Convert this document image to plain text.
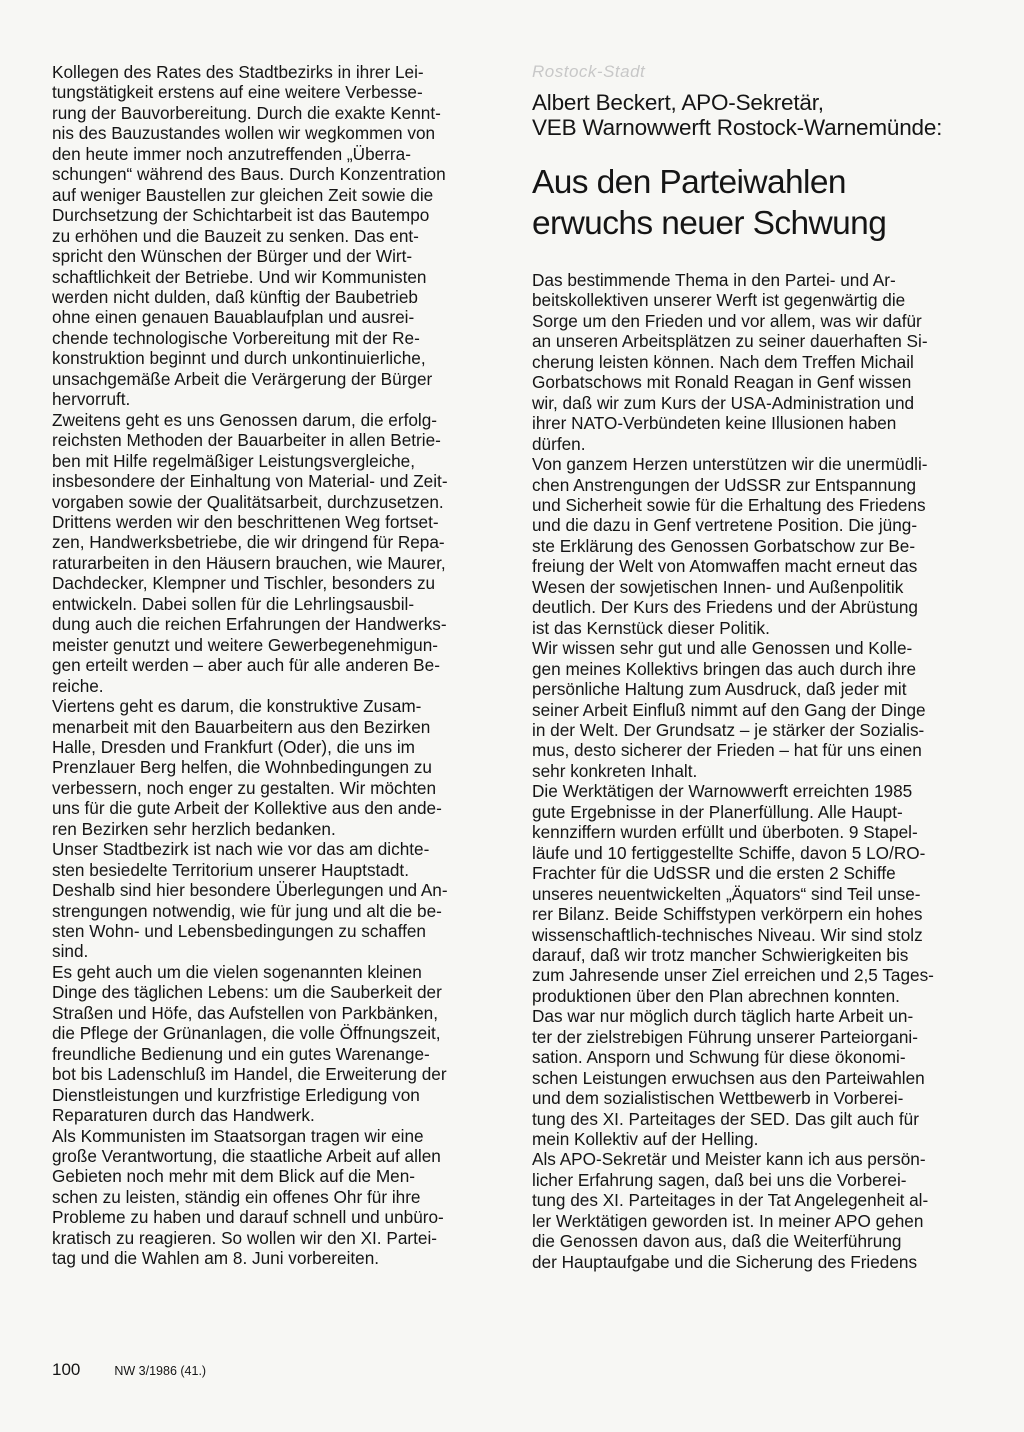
Kollegen des Rates des Stadtbezirks in ihrer Lei-
tungstätigkeit erstens auf eine weitere Verbesse-
rung der Bauvorbereitung. Durch die exakte Kennt-
nis des Bauzustandes wollen wir wegkommen von
den heute immer noch anzutreffenden „Überra-
schungen“ während des Baus. Durch Konzentration
auf weniger Baustellen zur gleichen Zeit sowie die
Durchsetzung der Schichtarbeit ist das Bautempo
zu erhöhen und die Bauzeit zu senken. Das ent-
spricht den Wünschen der Bürger und der Wirt-
schaftlichkeit der Betriebe. Und wir Kommunisten
werden nicht dulden, daß künftig der Baubetrieb
ohne einen genauen Bauablaufplan und ausrei-
chende technologische Vorbereitung mit der Re-
konstruktion beginnt und durch unkontinuierliche,
unsachgemäße Arbeit die Verärgerung der Bürger
hervorruft.

Zweitens geht es uns Genossen darum, die erfolg-
reichsten Methoden der Bauarbeiter in allen Betrie-
ben mit Hilfe regelmäßiger Leistungsvergleiche,
insbesondere der Einhaltung von Material- und Zeit-
vorgaben sowie der Qualitätsarbeit, durchzusetzen.

Drittens werden wir den beschrittenen Weg fortset-
zen, Handwerksbetriebe, die wir dringend für Repa-
raturarbeiten in den Häusern brauchen, wie Maurer,
Dachdecker, Klempner und Tischler, besonders zu
entwickeln. Dabei sollen für die Lehrlingsausbil-
dung auch die reichen Erfahrungen der Handwerks-
meister genutzt und weitere Gewerbegenehmigun-
gen erteilt werden – aber auch für alle anderen Be-
reiche.

Viertens geht es darum, die konstruktive Zusam-
menarbeit mit den Bauarbeitern aus den Bezirken
Halle, Dresden und Frankfurt (Oder), die uns im
Prenzlauer Berg helfen, die Wohnbedingungen zu
verbessern, noch enger zu gestalten. Wir möchten
uns für die gute Arbeit der Kollektive aus den ande-
ren Bezirken sehr herzlich bedanken.

Unser Stadtbezirk ist nach wie vor das am dichte-
sten besiedelte Territorium unserer Hauptstadt.
Deshalb sind hier besondere Überlegungen und An-
strengungen notwendig, wie für jung und alt die be-
sten Wohn- und Lebensbedingungen zu schaffen
sind.

Es geht auch um die vielen sogenannten kleinen
Dinge des täglichen Lebens: um die Sauberkeit der
Straßen und Höfe, das Aufstellen von Parkbänken,
die Pflege der Grünanlagen, die volle Öffnungszeit,
freundliche Bedienung und ein gutes Warenange-
bot bis Ladenschluß im Handel, die Erweiterung der
Dienstleistungen und kurzfristige Erledigung von
Reparaturen durch das Handwerk.

Als Kommunisten im Staatsorgan tragen wir eine
große Verantwortung, die staatliche Arbeit auf allen
Gebieten noch mehr mit dem Blick auf die Men-
schen zu leisten, ständig ein offenes Ohr für ihre
Probleme zu haben und darauf schnell und unbüro-
kratisch zu reagieren. So wollen wir den XI. Partei-
tag und die Wahlen am 8. Juni vorbereiten.

Rostock-Stadt
Albert Beckert, APO-Sekretär,
VEB Warnowwerft Rostock-Warnemünde:
Aus den Parteiwahlen
erwuchs neuer Schwung

Das bestimmende Thema in den Partei- und Ar-
beitskollektiven unserer Werft ist gegenwärtig die
Sorge um den Frieden und vor allem, was wir dafür
an unseren Arbeitsplätzen zu seiner dauerhaften Si-
cherung leisten können. Nach dem Treffen Michail
Gorbatschows mit Ronald Reagan in Genf wissen
wir, daß wir zum Kurs der USA-Administration und
ihrer NATO-Verbündeten keine Illusionen haben
dürfen.

Von ganzem Herzen unterstützen wir die unermüdli-
chen Anstrengungen der UdSSR zur Entspannung
und Sicherheit sowie für die Erhaltung des Friedens
und die dazu in Genf vertretene Position. Die jüng-
ste Erklärung des Genossen Gorbatschow zur Be-
freiung der Welt von Atomwaffen macht erneut das
Wesen der sowjetischen Innen- und Außenpolitik
deutlich. Der Kurs des Friedens und der Abrüstung
ist das Kernstück dieser Politik.

Wir wissen sehr gut und alle Genossen und Kolle-
gen meines Kollektivs bringen das auch durch ihre
persönliche Haltung zum Ausdruck, daß jeder mit
seiner Arbeit Einfluß nimmt auf den Gang der Dinge
in der Welt. Der Grundsatz – je stärker der Sozialis-
mus, desto sicherer der Frieden – hat für uns einen
sehr konkreten Inhalt.

Die Werktätigen der Warnowwerft erreichten 1985
gute Ergebnisse in der Planerfüllung. Alle Haupt-
kennziffern wurden erfüllt und überboten. 9 Stapel-
läufe und 10 fertiggestellte Schiffe, davon 5 LO/RO-
Frachter für die UdSSR und die ersten 2 Schiffe
unseres neuentwickelten „Äquators“ sind Teil unse-
rer Bilanz. Beide Schiffstypen verkörpern ein hohes
wissenschaftlich-technisches Niveau. Wir sind stolz
darauf, daß wir trotz mancher Schwierigkeiten bis
zum Jahresende unser Ziel erreichen und 2,5 Tages-
produktionen über den Plan abrechnen konnten.
Das war nur möglich durch täglich harte Arbeit un-
ter der zielstrebigen Führung unserer Parteiorgani-
sation. Ansporn und Schwung für diese ökonomi-
schen Leistungen erwuchsen aus den Parteiwahlen
und dem sozialistischen Wettbewerb in Vorberei-
tung des XI. Parteitages der SED. Das gilt auch für
mein Kollektiv auf der Helling.

Als APO-Sekretär und Meister kann ich aus persön-
licher Erfahrung sagen, daß bei uns die Vorberei-
tung des XI. Parteitages in der Tat Angelegenheit al-
ler Werktätigen geworden ist. In meiner APO gehen
die Genossen davon aus, daß die Weiterführung
der Hauptaufgabe und die Sicherung des Friedens

100	NW 3/1986 (41.)
